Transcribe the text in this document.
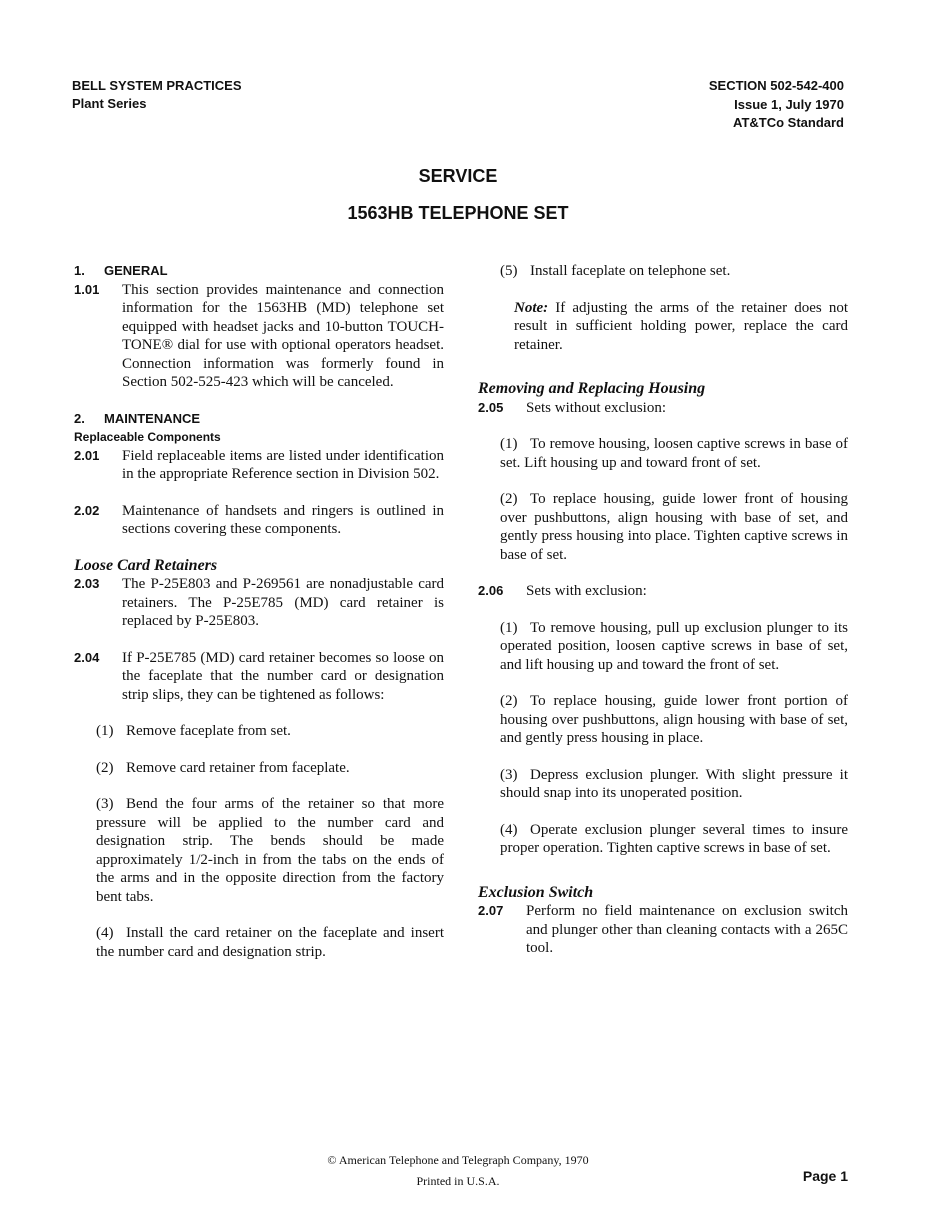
BELL SYSTEM PRACTICES
Plant Series
SECTION 502-542-400
Issue 1, July 1970
AT&TCo Standard
SERVICE
1563HB TELEPHONE SET

1. GENERAL

1.01 This section provides maintenance and connection information for the 1563HB (MD) telephone set equipped with headset jacks and 10-button TOUCH-TONE® dial for use with optional operators headset. Connection information was formerly found in Section 502-525-423 which will be canceled.

2. MAINTENANCE

Replaceable Components

2.01 Field replaceable items are listed under identification in the appropriate Reference section in Division 502.

2.02 Maintenance of handsets and ringers is outlined in sections covering these components.

Loose Card Retainers

2.03 The P-25E803 and P-269561 are nonadjustable card retainers. The P-25E785 (MD) card retainer is replaced by P-25E803.

2.04 If P-25E785 (MD) card retainer becomes so loose on the faceplate that the number card or designation strip slips, they can be tightened as follows:

(1) Remove faceplate from set.

(2) Remove card retainer from faceplate.

(3) Bend the four arms of the retainer so that more pressure will be applied to the number card and designation strip. The bends should be made approximately 1/2-inch in from the tabs on the ends of the arms and in the opposite direction from the factory bent tabs.

(4) Install the card retainer on the faceplate and insert the number card and designation strip.

(5) Install faceplate on telephone set.

Note: If adjusting the arms of the retainer does not result in sufficient holding power, replace the card retainer.

Removing and Replacing Housing

2.05 Sets without exclusion:

(1) To remove housing, loosen captive screws in base of set. Lift housing up and toward front of set.

(2) To replace housing, guide lower front of housing over pushbuttons, align housing with base of set, and gently press housing into place. Tighten captive screws in base of set.

2.06 Sets with exclusion:

(1) To remove housing, pull up exclusion plunger to its operated position, loosen captive screws in base of set, and lift housing up and toward the front of set.

(2) To replace housing, guide lower front portion of housing over pushbuttons, align housing with base of set, and gently press housing in place.

(3) Depress exclusion plunger. With slight pressure it should snap into its unoperated position.

(4) Operate exclusion plunger several times to insure proper operation. Tighten captive screws in base of set.

Exclusion Switch

2.07 Perform no field maintenance on exclusion switch and plunger other than cleaning contacts with a 265C tool.

© American Telephone and Telegraph Company, 1970
Printed in U.S.A.	Page 1
